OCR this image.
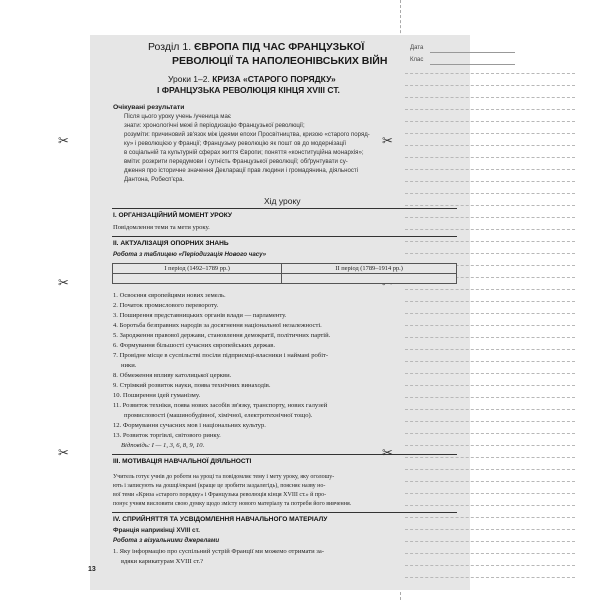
✂
✂
✂
✂
✂
Дата
Клас
Розділ 1. ЄВРОПА ПІД ЧАС ФРАНЦУЗЬКОЇ
РЕВОЛЮЦІЇ ТА НАПОЛЕОНІВСЬКИХ ВІЙН
Уроки 1–2. КРИЗА «СТАРОГО ПОРЯДКУ»
І ФРАНЦУЗЬКА РЕВОЛЮЦІЯ КІНЦЯ XVIII СТ.
Очікувані результати
Після цього уроку учень /ученица має
знати: хронологічні межі й періодизацію Французької революції;
розуміти: причиновий зв'язок між ідеями епохи Просвітництва, кризою «старого поряд-
ку» і революцією у Франції; Французьку революцію як пошт ов до модернізації
в соціальній та культурній сферах життя Європи; поняття «конституційна монархія»;
вміти: розкрити передумови і сутність Французької революції; обґрунтувати су-
дження про історичне значення Декларації прав людини і громадянина, діяльності
Дантона, Робесп'єра.
Хід уроку
І. ОРГАНІЗАЦІЙНИЙ МОМЕНТ УРОКУ
Повідомлення теми та мети уроку.
ІІ. АКТУАЛІЗАЦІЯ ОПОРНИХ ЗНАНЬ
Робота з таблицею «Періодизація Нового часу»
І період (1492–1789 рр.)	ІІ період (1789–1914 рр.)

1. Освоєння європейцями нових земель.
2. Початок промислового перевороту.
3. Поширення представницьких органів влади — парламенту.
4. Боротьба безправних народів за досягнення національної незалежності.
5. Зародження правової держави, становлення демократії, політичних партій.
6. Формування більшості сучасних європейських держав.
7. Провідне місце в суспільстві посіли підприємці-власники і наймані робіт-
ники.
8. Обмеження впливу католицької церкви.
9. Стрімкий розвиток науки, поява технічних винаходів.
10. Поширення ідей гуманізму.
11. Розвиток техніки, поява нових засобів зв'язку, транспорту, нових галузей
промисловості (машинобудівної, хімічної, електротехнічної тощо).
12. Формування сучасних мов і національних культур.
13. Розвиток торгівлі, світового ринку.
Відповідь: І — 1, 3, 6, 8, 9, 10.
ІІІ. МОТИВАЦІЯ НАВЧАЛЬНОЇ ДІЯЛЬНОСТІ
Учитель готує учнів до роботи на уроці та повідомляє тему і мету уроку, яку оголошу-
ють і записують на дошці/екрані (краще це зробити заздалегідь), поясняє назву но-
вої теми «Криза «старого порядку» і Французька революція кінця XVIII ст.» й про-
понує учням висловити свою думку щодо змісту нового матеріалу та потреби його вивчення.
IV. СПРИЙНЯТТЯ ТА УСВІДОМЛЕННЯ НАВЧАЛЬНОГО МАТЕРІАЛУ
Франція наприкінці XVIII ст.
Робота з візуальними джерелами
1. Яку інформацію про суспільний устрій Франції ми можемо отримати за-
вдяки карикатурам XVIII ст.?
13
